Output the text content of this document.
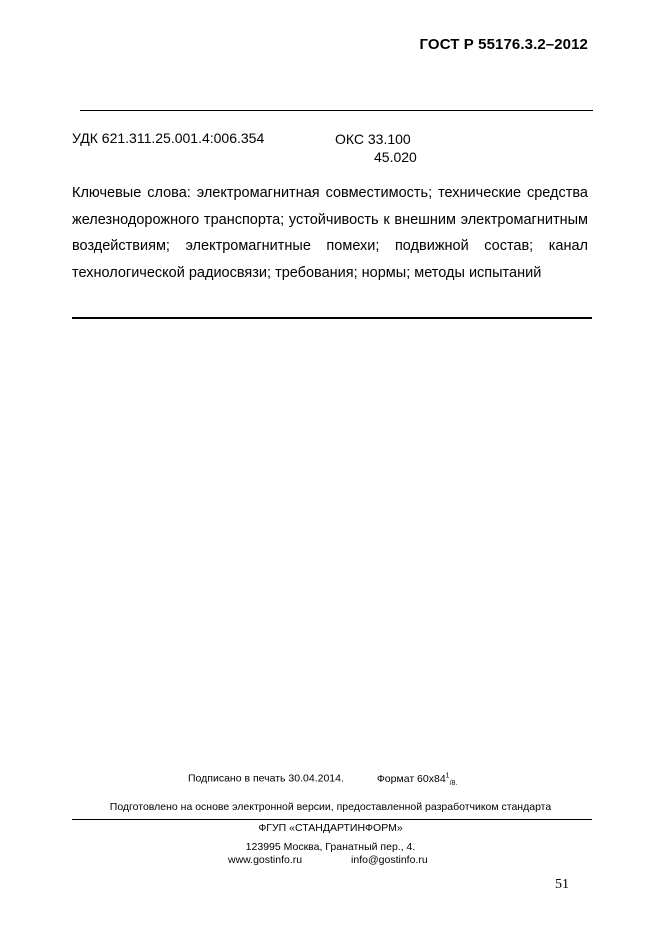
ГОСТ Р 55176.3.2–2012
УДК 621.311.25.001.4:006.354	ОКС 33.100
45.020
Ключевые слова: электромагнитная совместимость; технические средства железнодорожного транспорта; устойчивость к внешним электромагнитным воздействиям; электромагнитные помехи; подвижной состав; канал технологической радиосвязи; требования; нормы; методы испытаний
Подписано в печать 30.04.2014.	Формат $60x84^1_{/8.}$
Подготовлено на основе электронной версии, предоставленной разработчиком стандарта
ФГУП «СТАНДАРТИНФОРМ»
123995 Москва, Гранатный пер., 4.
www.gostinfo.ru	info@gostinfo.ru
51
